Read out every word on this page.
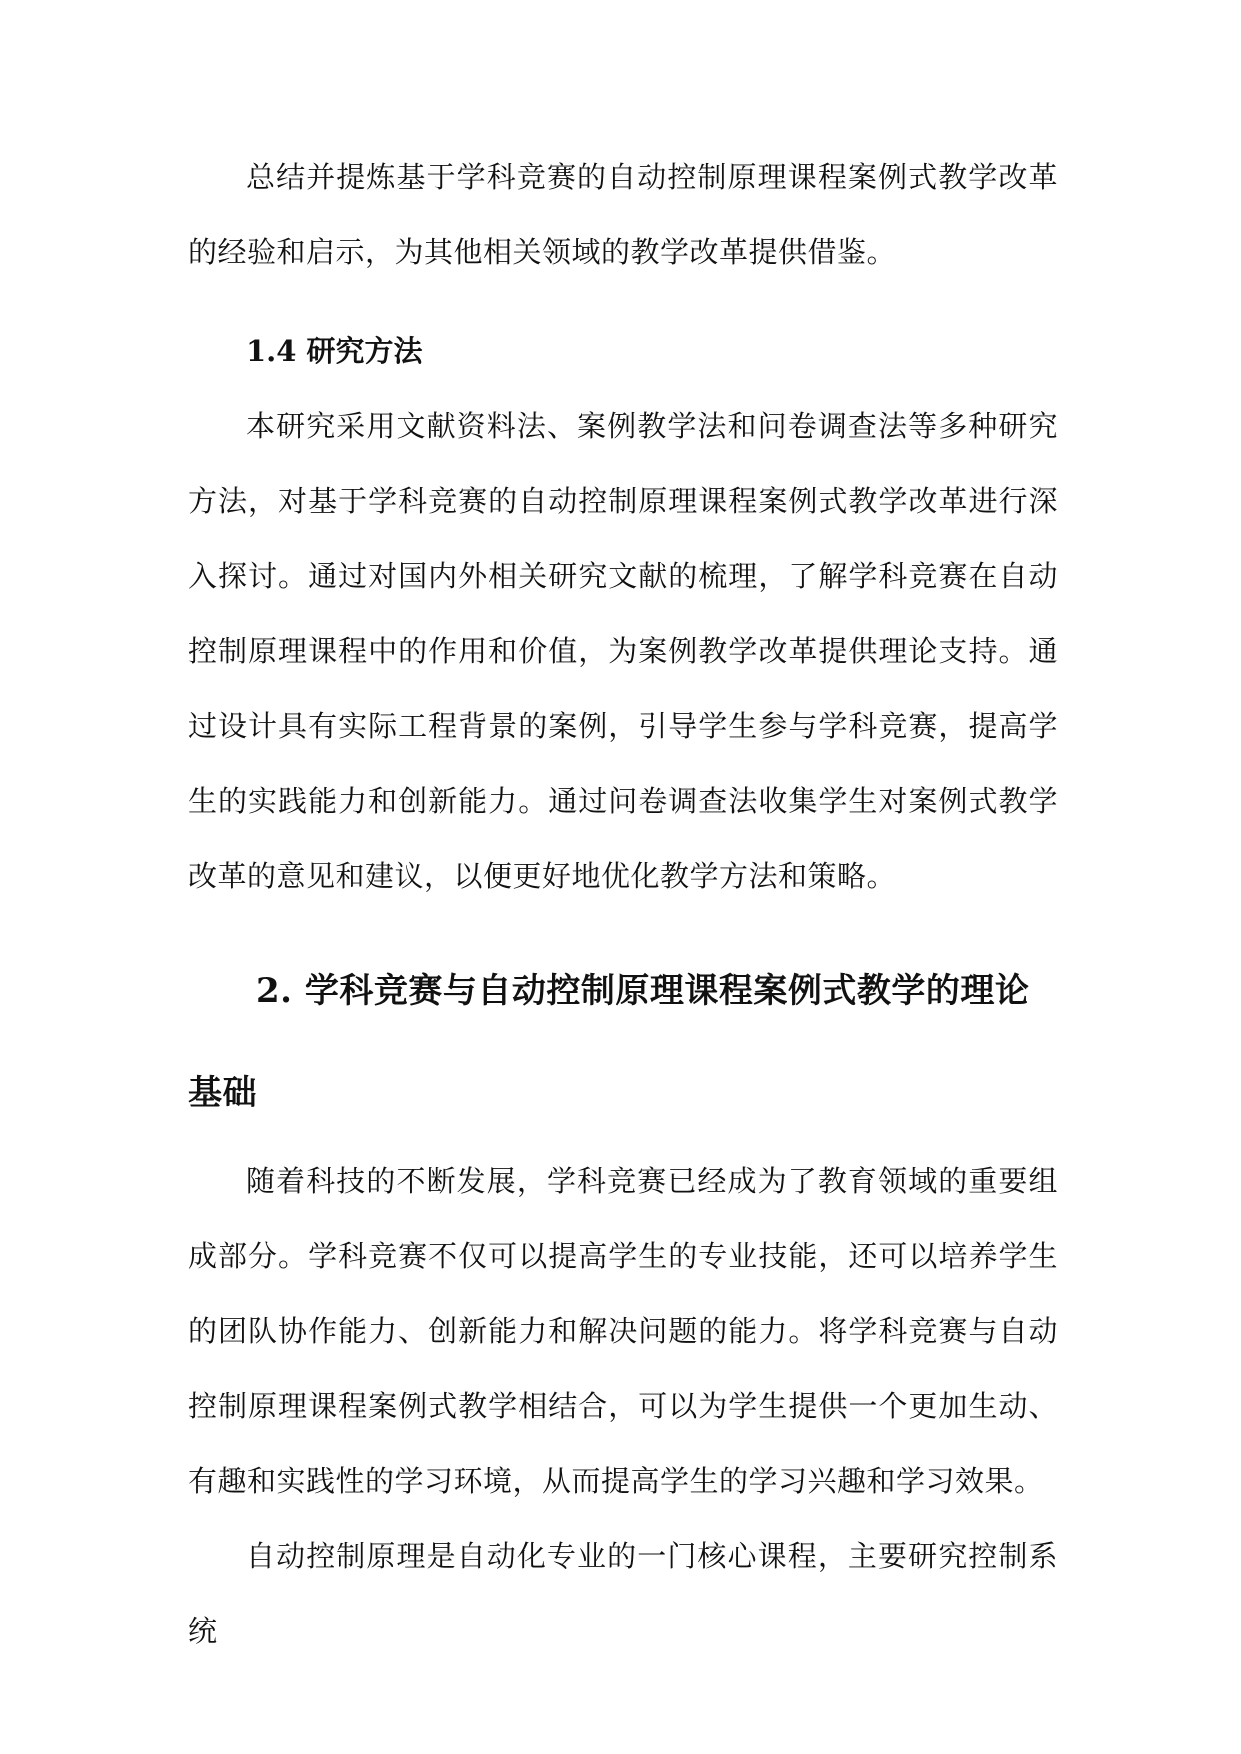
总结并提炼基于学科竞赛的自动控制原理课程案例式教学改革的经验和启示，为其他相关领域的教学改革提供借鉴。

1.4 研究方法

本研究采用文献资料法、案例教学法和问卷调查法等多种研究方法，对基于学科竞赛的自动控制原理课程案例式教学改革进行深入探讨。通过对国内外相关研究文献的梳理，了解学科竞赛在自动控制原理课程中的作用和价值，为案例教学改革提供理论支持。通过设计具有实际工程背景的案例，引导学生参与学科竞赛，提高学生的实践能力和创新能力。通过问卷调查法收集学生对案例式教学改革的意见和建议，以便更好地优化教学方法和策略。

2. 学科竞赛与自动控制原理课程案例式教学的理论基础

随着科技的不断发展，学科竞赛已经成为了教育领域的重要组成部分。学科竞赛不仅可以提高学生的专业技能，还可以培养学生的团队协作能力、创新能力和解决问题的能力。将学科竞赛与自动控制原理课程案例式教学相结合，可以为学生提供一个更加生动、有趣和实践性的学习环境，从而提高学生的学习兴趣和学习效果。

自动控制原理是自动化专业的一门核心课程，主要研究控制系统
